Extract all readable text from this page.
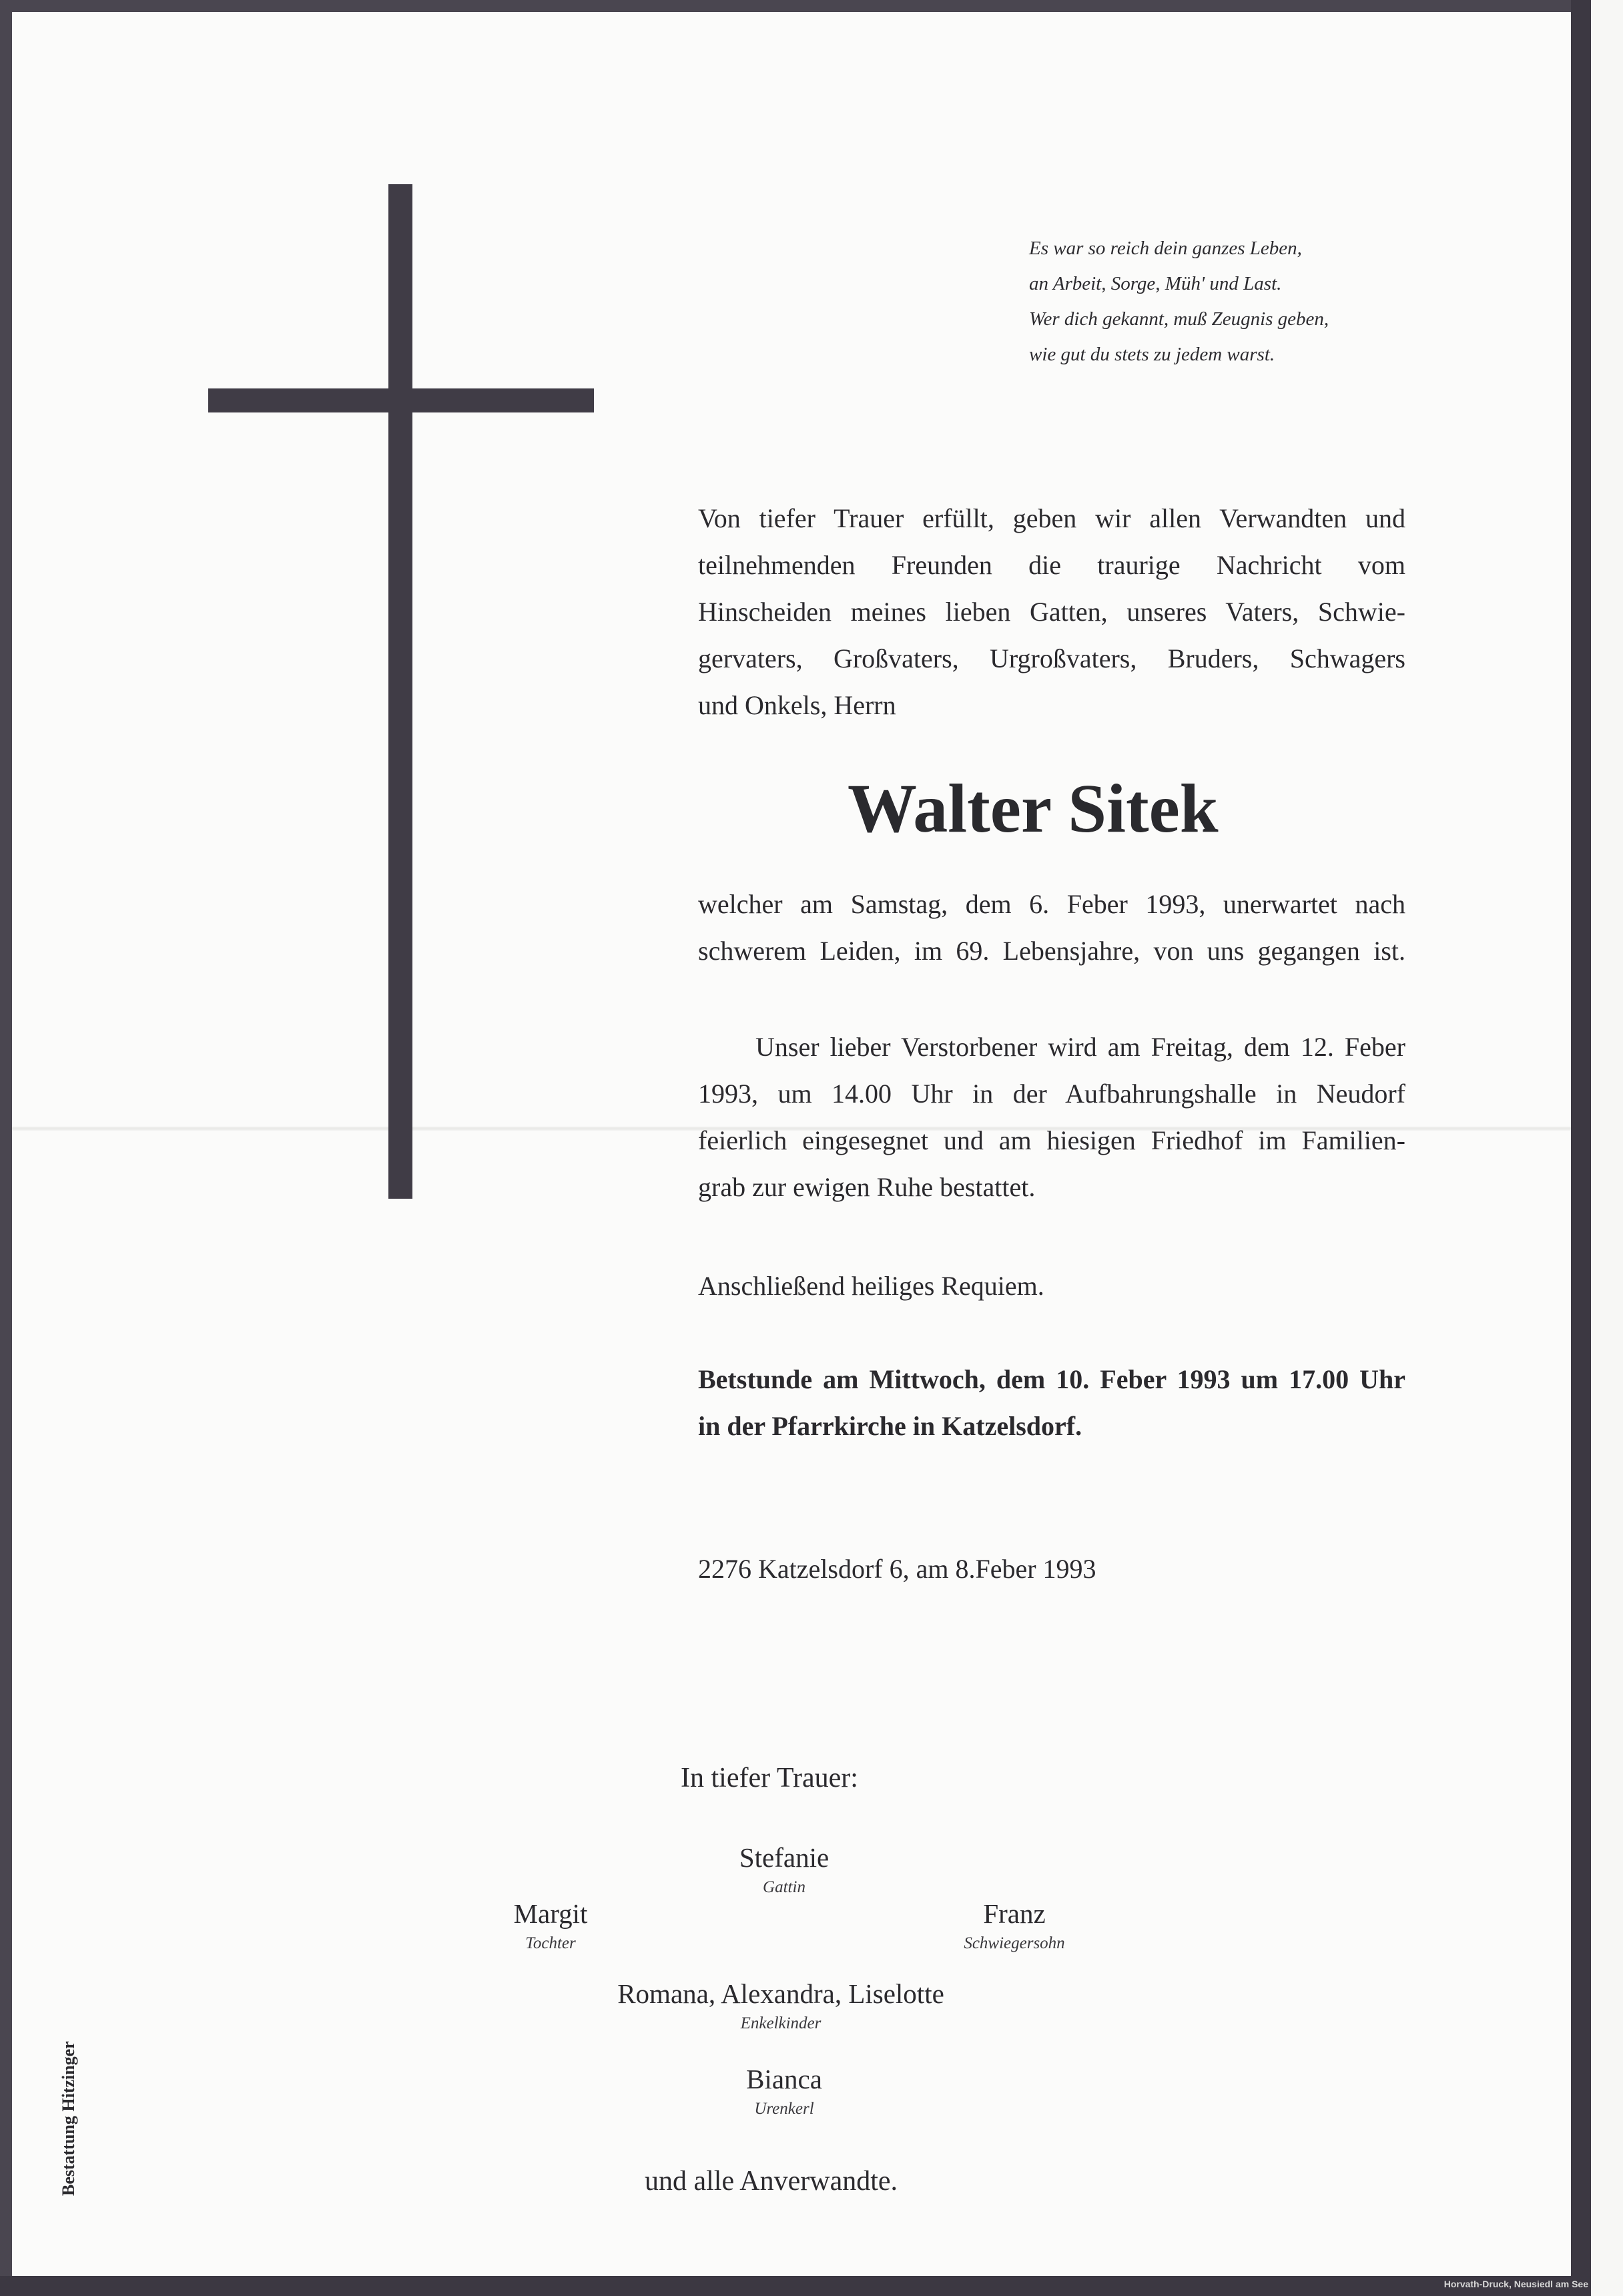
Es war so reich dein ganzes Leben,
an Arbeit, Sorge, Müh' und Last.
Wer dich gekannt, muß Zeugnis geben,
wie gut du stets zu jedem warst.
Von tiefer Trauer erfüllt, geben wir allen Verwandten und
teilnehmenden Freunden die traurige Nachricht vom
Hinscheiden meines lieben Gatten, unseres Vaters, Schwie-
gervaters, Großvaters, Urgroßvaters, Bruders, Schwagers
und Onkels, Herrn
Walter Sitek
welcher am Samstag, dem 6. Feber 1993, unerwartet nach
schwerem Leiden, im 69. Lebensjahre, von uns gegangen ist.
Unser lieber Verstorbener wird am Freitag, dem 12. Feber
1993, um 14.00 Uhr in der Aufbahrungshalle in Neudorf
feierlich eingesegnet und am hiesigen Friedhof im Familien-
grab zur ewigen Ruhe bestattet.
Anschließend heiliges Requiem.
Betstunde am Mittwoch, dem 10. Feber 1993 um 17.00 Uhr
in der Pfarrkirche in Katzelsdorf.
2276 Katzelsdorf 6, am 8.Feber 1993
In tiefer Trauer:
Stefanie
Gattin
Margit
Tochter
Franz
Schwiegersohn
Romana, Alexandra, Liselotte
Enkelkinder
Bianca
Urenkerl
und alle Anverwandte.
Bestattung Hitzinger
Horvath-Druck, Neusiedl am See
